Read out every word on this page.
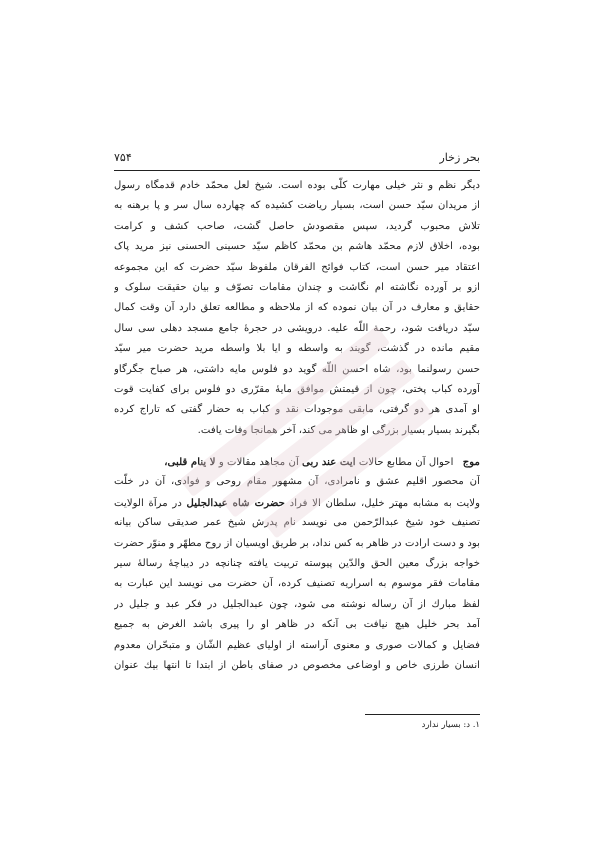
بحر زخار
۷۵۴

دیگر نظم و نثر خیلی مهارت کلّی بوده است. شیخ لعل محمّد خادم قدمگاه رسول
از مریدان سیّد حسن است، بسیار ریاضت کشیده که چهارده سال سر و پا برهنه به
تلاش محبوب گردید، سپس مقصودش حاصل گشت، صاحب کشف و کرامت
بوده، اخلاق لازم محمّد هاشم بن محمّد کاظم سیّد حسینی الحسنی نیز مرید پاک
اعتقاد میر حسن است، کتاب فوائح الفرقان ملفوظ سیّد حضرت که این مجموعه
ازو بر آورده نگاشته ام نگاشت و چندان مقامات تصوّف و بیان حقیقت سلوک و
حقایق و معارف در آن بیان نموده که از ملاحظه و مطالعه تعلق دارد آن وقت کمال
سیّد دریافت شود، رحمة اللّه علیه. درویشی در حجرهٔ جامع مسجد دهلی سی سال
مقیم مانده در گذشت، گویند به واسطه و ایا بلا واسطه مرید حضرت میر سیّد
حسن رسولنما بود، شاه احسن اللّه گوید دو فلوس مایه داشتی، هر صباح جگرگاو
آورده کباب پختی، چون از قیمتش موافق مایهٔ مقرّری دو فلوس برای کفایت قوت
او آمدی هر دو گرفتی، مابقی موجودات نقد و کباب به حضار گفتی که تاراج کرده
بگیرند بسیار بسیار بزرگی او ظاهر می کند، آخر همانجا وفات یافت.

موج احوال آن مطابع حالات ایت عند ربی آن مجاهد مقالات و لا ینام قلبی،
آن محصور اقلیم عشق و نامرادی، آن مشهور مقام روحی و فوادی، آن در خلّت
ولایت به مشابه مهتر خلیل، سلطان الا فراد حضرت شاه عبدالجلیل در مرآة الولایت
تصنیف خود شیخ عبدالرّحمن می نویسد نام پدرش شیخ عمر صدیقی ساکن بیانه
بود و دست ارادت در ظاهر به کس نداد، بر طریق اویسیان از روح مطهّر و منوّر حضرت
خواجه بزرگ معین الحق والدّین پیوسته تربیت یافته چنانچه در دیباچهٔ رسالهٔ سیر
مقامات فقر موسوم به اسراریه تصنیف کرده، آن حضرت می نویسد این عبارت به
لفظ مبارك از آن رساله نوشته می شود، چون عبدالجلیل در فکر عبد و جلیل در
آمد بحر خلیل هیچ نیافت بی آنکه در ظاهر او را پیری باشد الغرض به جمیع
فضایل و کمالات صوری و معنوی آراسته از اولیای عظیم الشّان و متبحّران معدوم
انسان طرزی خاص و اوضاعی مخصوص در صفای باطن از ابتدا تا انتها بیك عنوان

۱. د: بسیار ندارد
